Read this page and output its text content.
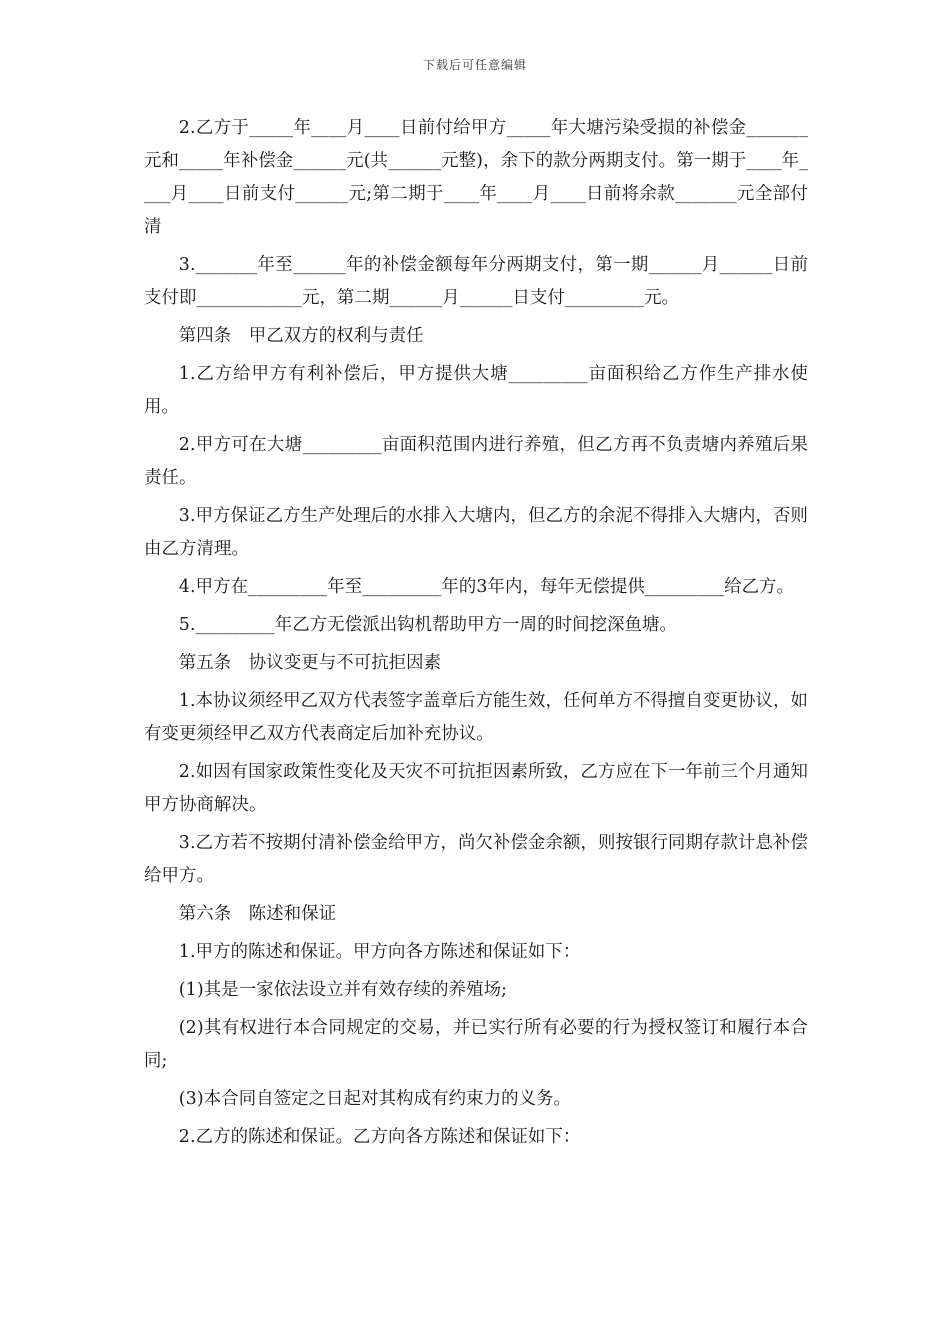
下载后可任意编辑

2.乙方于_____年____月____日前付给甲方_____年大塘污染受损的补偿金_______元和_____年补偿金______元(共______元整)，余下的款分两期支付。第一期于____年____月____日前支付______元;第二期于____年____月____日前将余款_______元全部付清

3._______年至______年的补偿金额每年分两期支付，第一期______月______日前支付即____________元，第二期______月______日支付_________元。

第四条　甲乙双方的权利与责任

1.乙方给甲方有利补偿后，甲方提供大塘_________亩面积给乙方作生产排水使用。

2.甲方可在大塘_________亩面积范围内进行养殖，但乙方再不负责塘内养殖后果责任。

3.甲方保证乙方生产处理后的水排入大塘内，但乙方的余泥不得排入大塘内，否则由乙方清理。

4.甲方在_________年至_________年的3年内，每年无偿提供_________给乙方。

5._________年乙方无偿派出钩机帮助甲方一周的时间挖深鱼塘。

第五条　协议变更与不可抗拒因素

1.本协议须经甲乙双方代表签字盖章后方能生效，任何单方不得擅自变更协议，如有变更须经甲乙双方代表商定后加补充协议。

2.如因有国家政策性变化及天灾不可抗拒因素所致，乙方应在下一年前三个月通知甲方协商解决。

3.乙方若不按期付清补偿金给甲方，尚欠补偿金余额，则按银行同期存款计息补偿给甲方。

第六条　陈述和保证

1.甲方的陈述和保证。甲方向各方陈述和保证如下：

(1)其是一家依法设立并有效存续的养殖场;

(2)其有权进行本合同规定的交易，并已实行所有必要的行为授权签订和履行本合同;

(3)本合同自签定之日起对其构成有约束力的义务。

2.乙方的陈述和保证。乙方向各方陈述和保证如下：
